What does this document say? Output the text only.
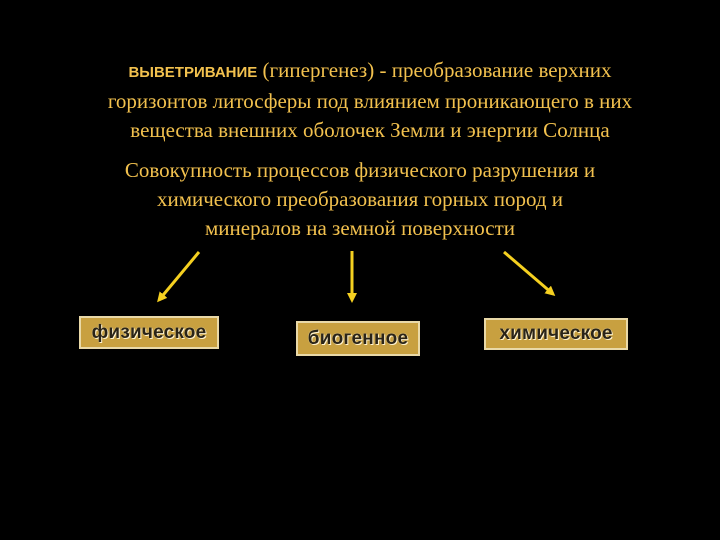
ВЫВЕТРИВАНИЕ (гипергенез) - преобразование верхних
горизонтов литосферы под влиянием проникающего в них
вещества внешних оболочек Земли и энергии Солнца
Совокупность процессов физического разрушения и
химического преобразования горных пород и
минералов на земной поверхности
физическое	биогенное	химическое
